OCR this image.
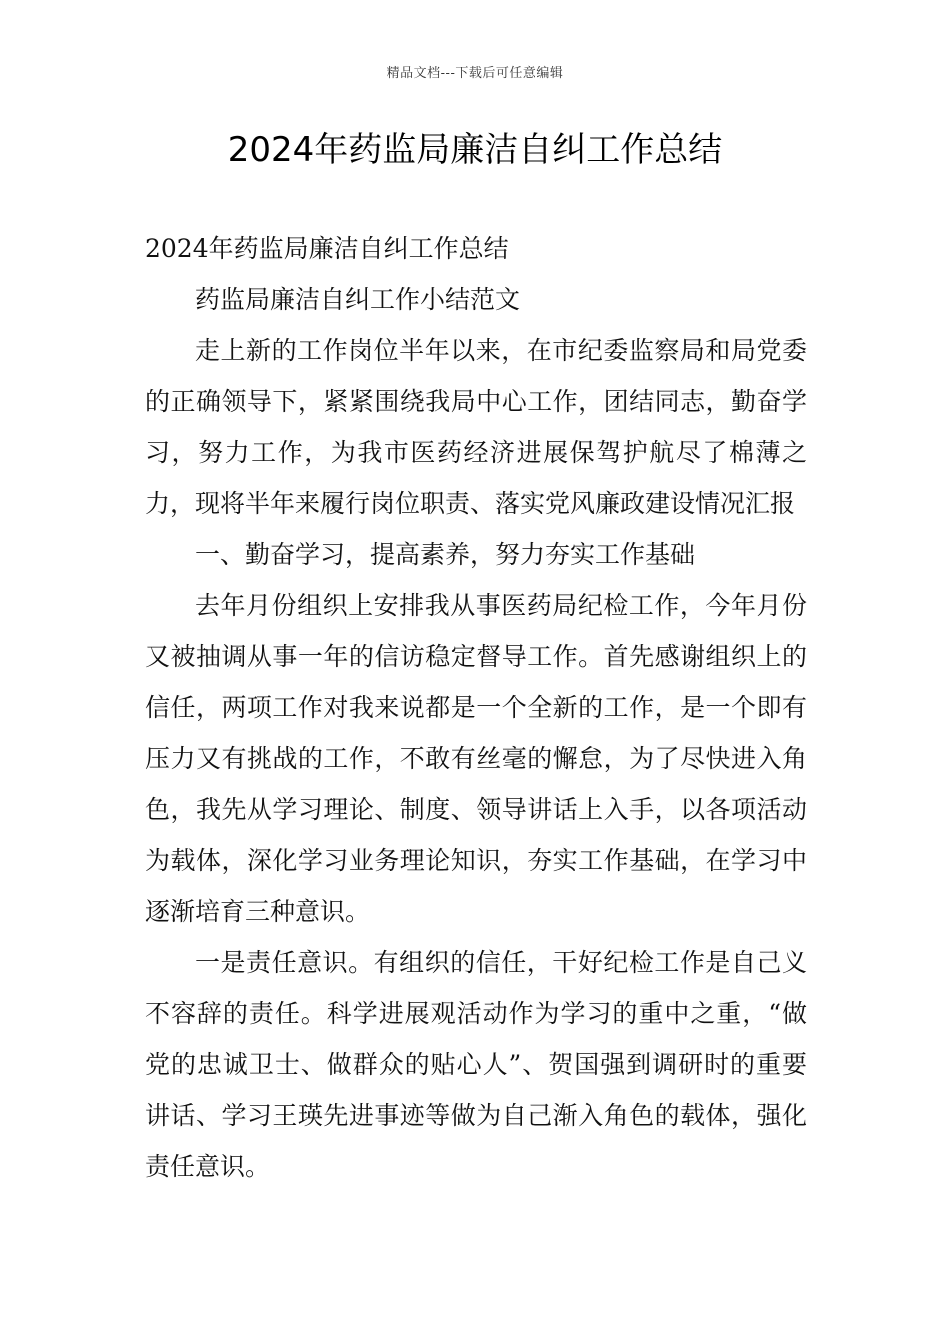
精品文档---下载后可任意编辑
2024年药监局廉洁自纠工作总结

2024年药监局廉洁自纠工作总结

药监局廉洁自纠工作小结范文

走上新的工作岗位半年以来，在市纪委监察局和局党委的正确领导下，紧紧围绕我局中心工作，团结同志，勤奋学习，努力工作，为我市医药经济进展保驾护航尽了棉薄之力，现将半年来履行岗位职责、落实党风廉政建设情况汇报

一、勤奋学习，提高素养，努力夯实工作基础

去年月份组织上安排我从事医药局纪检工作，今年月份又被抽调从事一年的信访稳定督导工作。首先感谢组织上的信任，两项工作对我来说都是一个全新的工作，是一个即有压力又有挑战的工作，不敢有丝毫的懈怠，为了尽快进入角色，我先从学习理论、制度、领导讲话上入手，以各项活动为载体，深化学习业务理论知识，夯实工作基础，在学习中逐渐培育三种意识。

一是责任意识。有组织的信任，干好纪检工作是自己义不容辞的责任。科学进展观活动作为学习的重中之重，“做党的忠诚卫士、做群众的贴心人”、贺国强到调研时的重要讲话、学习王瑛先进事迹等做为自己渐入角色的载体，强化责任意识。
